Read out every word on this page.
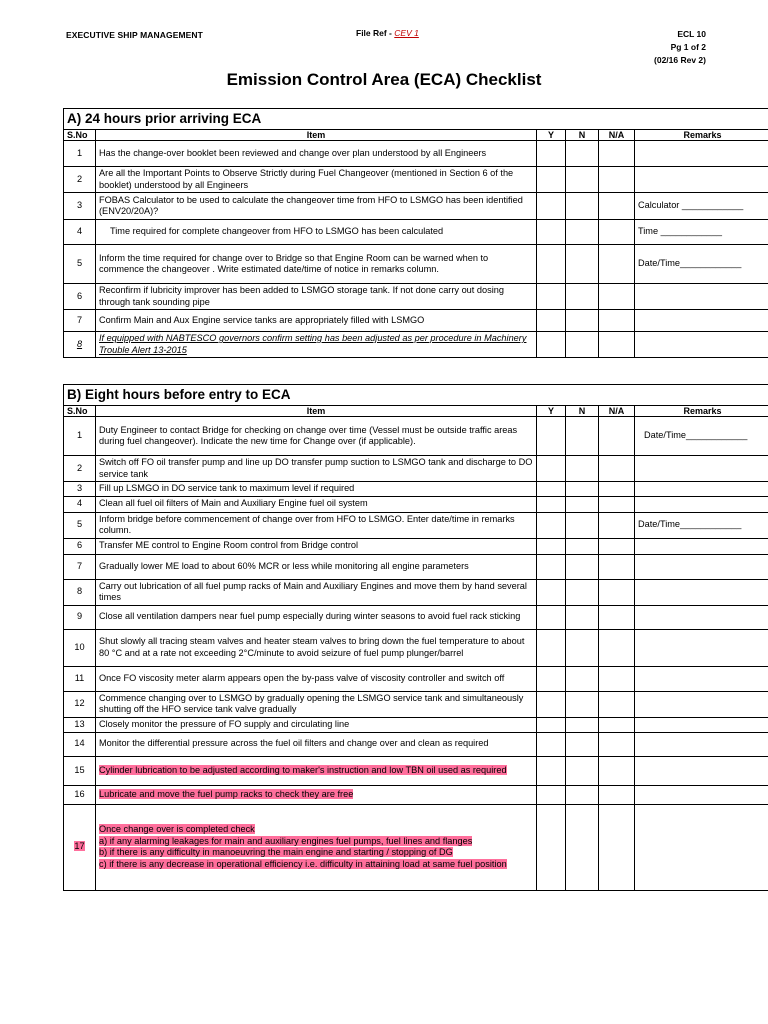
EXECUTIVE SHIP MANAGEMENT	File Ref - CEV 1	ECL 10
Pg 1 of 2
(02/16 Rev 2)
Emission Control Area (ECA) Checklist
A) 24 hours prior arriving ECA					
S.No	Item	Y	N	N/A	Remarks
1	Has the change-over booklet been reviewed and change over plan understood by all Engineers				
2	Are all the Important Points to Observe Strictly during Fuel Changeover (mentioned in Section 6 of the booklet) understood by all Engineers				
3	FOBAS Calculator to be used to calculate the changeover time from HFO to LSMGO has been identified (ENV20/20A)?				Calculator ____________
4	Time required for complete changeover from HFO to LSMGO has been calculated				Time ____________
5	Inform the time required for change over to Bridge so that Engine Room can be warned when to commence the changeover . Write estimated date/time of notice in remarks column.				Date/Time____________
6	Reconfirm if lubricity improver has been added to LSMGO storage tank. If not done carry out dosing through tank sounding pipe				
7	Confirm Main and Aux Engine service tanks are appropriately filled with LSMGO				
8	If equipped with NABTESCO governors confirm setting has been adjusted as per procedure in Machinery Trouble Alert 13-2015				
B) Eight hours before entry to ECA					
S.No	Item	Y	N	N/A	Remarks
1	Duty Engineer to contact Bridge for checking on change over time (Vessel must be outside traffic areas during fuel changeover). Indicate the new time for Change over (if applicable).				Date/Time____________
2	Switch off FO oil transfer pump and line up DO transfer pump suction to LSMGO tank and discharge to DO service tank				
3	Fill up LSMGO in DO service tank to maximum level if required				
4	Clean all fuel oil filters of Main and Auxiliary Engine fuel oil system				
5	Inform bridge before commencement of change over from HFO to LSMGO. Enter date/time in remarks column.				Date/Time____________
6	Transfer ME control to Engine Room control from Bridge control				
7	Gradually lower ME load to about 60% MCR or less while monitoring all engine parameters				
8	Carry out lubrication of all fuel pump racks of Main and Auxiliary Engines and move them by hand several times				
9	Close all ventilation dampers near fuel pump especially during winter seasons to avoid fuel rack sticking				
10	Shut slowly all tracing steam valves and heater steam valves to bring down the fuel temperature to about 80 °C and at a rate not exceeding 2°C/minute to avoid seizure of fuel pump plunger/barrel				
11	Once FO viscosity meter alarm appears open the by-pass valve of viscosity controller and switch off				
12	Commence changing over to LSMGO by gradually opening the LSMGO service tank and simultaneously shutting off the HFO service tank valve gradually				
13	Closely monitor the pressure of FO supply and circulating line				
14	Monitor the differential pressure across the fuel oil filters and change over and clean as required				
15	Cylinder lubrication to be adjusted according to maker's instruction and low TBN oil used as required				
16	Lubricate and move the fuel pump racks to check they are free				
17	Once change over is completed check
a) if any alarming leakages for main and auxiliary engines fuel pumps, fuel lines and flanges
b) if there is any difficulty in manoeuvring the main engine and starting / stopping of DG
c) if there is any decrease in operational efficiency i.e. difficulty in attaining load at same fuel position				
